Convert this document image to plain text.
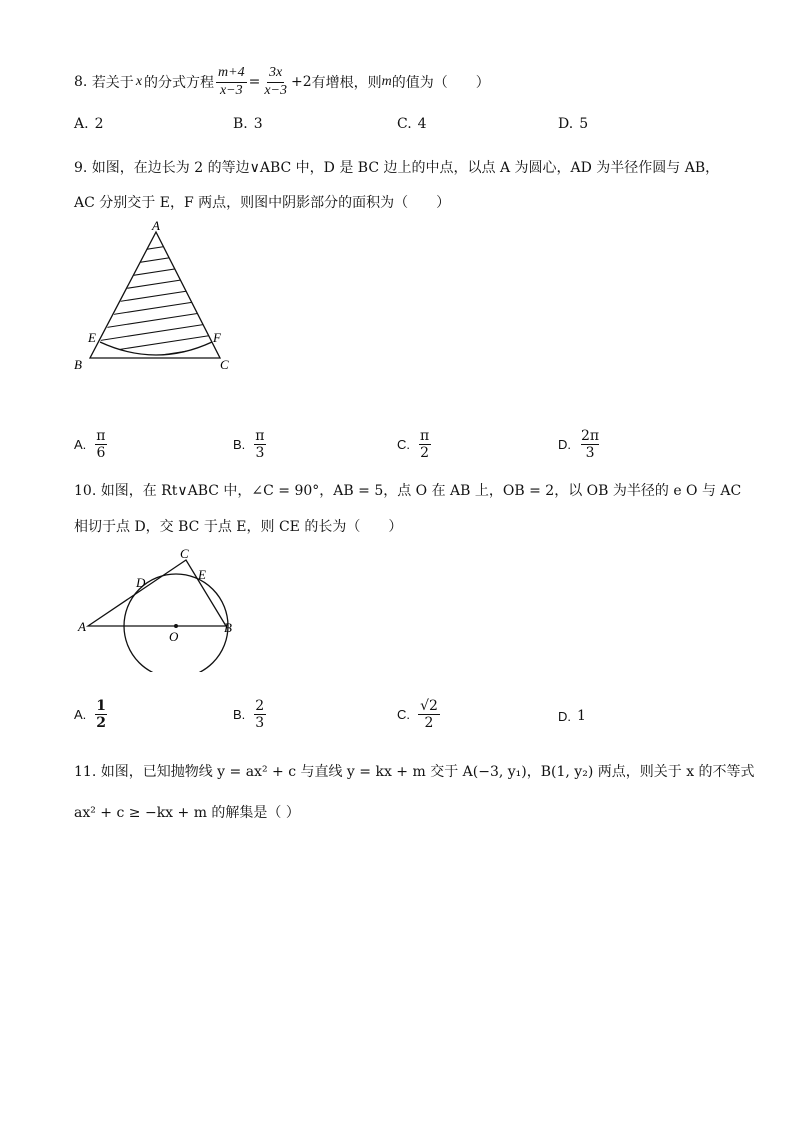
8.
若关于 x 的分式方程 $\frac{m+4}{x-3} = \frac{3x}{x-3} +2$ 有增根，则 m 的值为（　　）
A. 2	B. 3	C. 4	D. 5
9. 如图，在边长为 2 的等边∨ABC 中，D 是 BC 边上的中点，以点 A 为圆心，AD 为半径作圆与 AB，
AC 分别交于 E，F 两点，则图中阴影部分的面积为（　　）
A
E	F
B	C
A. $\frac{\pi}{6}$	B. $\frac{\pi}{3}$	C. $\frac{\pi}{2}$	D. $\frac{2\pi}{3}$
10. 如图，在 Rt∨ABC 中，∠C = 90°，AB = 5，点 O 在 AB 上，OB = 2，以 OB 为半径的 e O 与 AC
相切于点 D，交 BC 于点 E，则 CE 的长为（　　）
A
C
D
E
O
B
A. $\frac{1}{2}$	B. $\frac{2}{3}$	C. $\frac{√2}{2}$	D. 1
11. 如图，已知抛物线 y = ax² + c 与直线 y = kx + m 交于 A(−3, y₁)，B(1, y₂) 两点，则关于 x 的不等式
ax² + c ≥ −kx + m 的解集是（ ）
